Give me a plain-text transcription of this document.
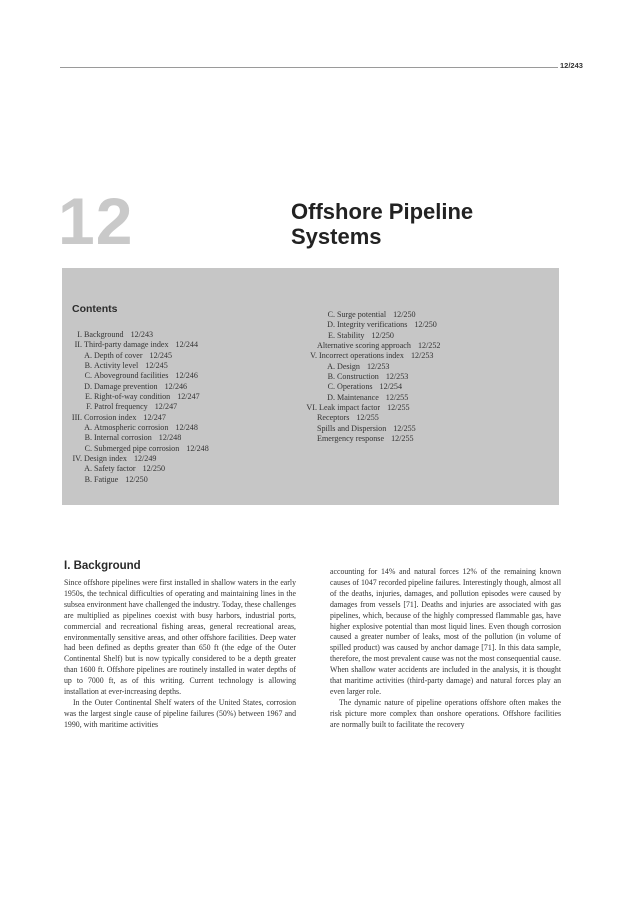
12/243
12	Offshore Pipeline
Systems
Contents
I. Background 12/243
II. Third-party damage index 12/244
A. Depth of cover 12/245
B. Activity level 12/245
C. Aboveground facilities 12/246
D. Damage prevention 12/246
E. Right-of-way condition 12/247
F. Patrol frequency 12/247
III. Corrosion index 12/247
A. Atmospheric corrosion 12/248
B. Internal corrosion 12/248
C. Submerged pipe corrosion 12/248
IV. Design index 12/249
A. Safety factor 12/250
B. Fatigue 12/250
C. Surge potential 12/250
D. Integrity verifications 12/250
E. Stability 12/250
Alternative scoring approach 12/252
V. Incorrect operations index 12/253
A. Design 12/253
B. Construction 12/253
C. Operations 12/254
D. Maintenance 12/255
VI. Leak impact factor 12/255
Receptors 12/255
Spills and Dispersion 12/255
Emergency response 12/255
I. Background

Since offshore pipelines were first installed in shallow waters in the early 1950s, the technical difficulties of operating and maintaining lines in the subsea environment have challenged the industry. Today, these challenges are multiplied as pipelines coexist with busy harbors, industrial ports, commercial and recreational fishing areas, general recreational areas, environmentally sensitive areas, and other offshore facilities. Deep water had been defined as depths greater than 650 ft (the edge of the Outer Continental Shelf) but is now typically considered to be a depth greater than 1600 ft. Offshore pipelines are routinely installed in water depths of up to 7000 ft, as of this writing. Current technology is allowing installation at ever-increasing depths.

In the Outer Continental Shelf waters of the United States, corrosion was the largest single cause of pipeline failures (50%) between 1967 and 1990, with maritime activities

accounting for 14% and natural forces 12% of the remaining known causes of 1047 recorded pipeline failures. Interestingly though, almost all of the deaths, injuries, damages, and pollution episodes were caused by damages from vessels [71]. Deaths and injuries are associated with gas pipelines, which, because of the highly compressed flammable gas, have higher explosive potential than most liquid lines. Even though corrosion caused a greater number of leaks, most of the pollution (in volume of spilled product) was caused by anchor damage [71]. In this data sample, therefore, the most prevalent cause was not the most consequential cause. When shallow water accidents are included in the analysis, it is thought that maritime activities (third-party damage) and natural forces play an even larger role.

The dynamic nature of pipeline operations offshore often makes the risk picture more complex than onshore operations. Offshore facilities are normally built to facilitate the recovery
